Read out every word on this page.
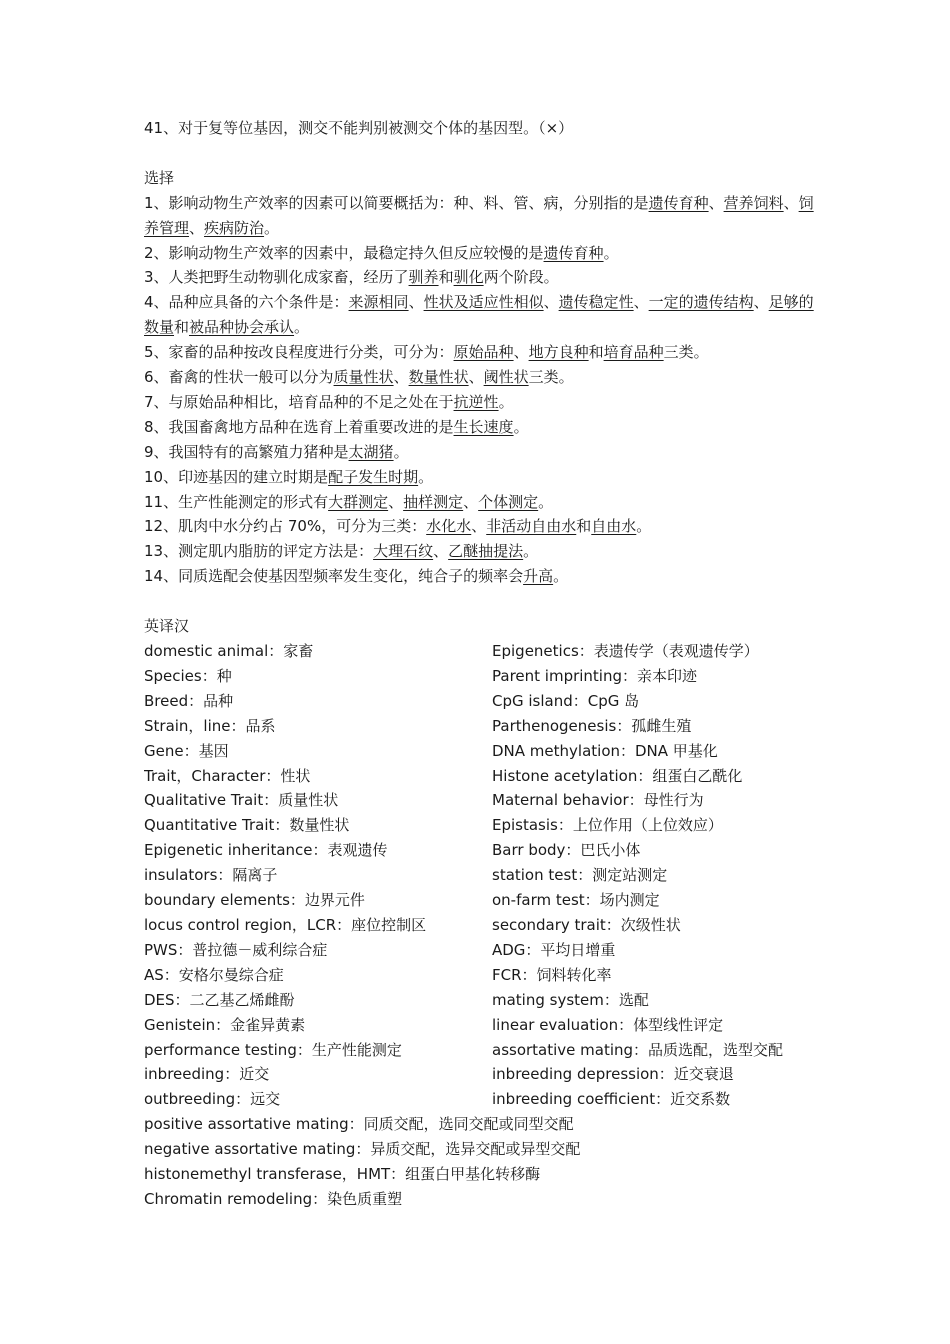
41、对于复等位基因，测交不能判别被测交个体的基因型。（×）
选择
1、影响动物生产效率的因素可以简要概括为：种、料、管、病，分别指的是遗传育种、营养饲料、饲养管理、疾病防治。
2、影响动物生产效率的因素中，最稳定持久但反应较慢的是遗传育种。
3、人类把野生动物驯化成家畜，经历了驯养和驯化两个阶段。
4、品种应具备的六个条件是：来源相同、性状及适应性相似、遗传稳定性、一定的遗传结构、足够的数量和被品种协会承认。
5、家畜的品种按改良程度进行分类，可分为：原始品种、地方良种和培育品种三类。
6、畜禽的性状一般可以分为质量性状、数量性状、阈性状三类。
7、与原始品种相比，培育品种的不足之处在于抗逆性。
8、我国畜禽地方品种在选育上着重要改进的是生长速度。
9、我国特有的高繁殖力猪种是太湖猪。
10、印迹基因的建立时期是配子发生时期。
11、生产性能测定的形式有大群测定、抽样测定、个体测定。
12、肌肉中水分约占 70%，可分为三类：水化水、非活动自由水和自由水。
13、测定肌内脂肪的评定方法是：大理石纹、乙醚抽提法。
14、同质选配会使基因型频率发生变化，纯合子的频率会升高。
英译汉
domestic animal：家畜	Epigenetics：表遗传学（表观遗传学）
Species：种	Parent imprinting：亲本印迹
Breed：品种	CpG island：CpG 岛
Strain，line：品系	Parthenogenesis：孤雌生殖
Gene：基因	DNA methylation：DNA 甲基化
Trait，Character：性状	Histone acetylation：组蛋白乙酰化
Qualitative Trait：质量性状	Maternal behavior：母性行为
Quantitative Trait：数量性状	Epistasis：上位作用（上位效应）
Epigenetic inheritance：表观遗传	Barr body：巴氏小体
insulators：隔离子	station test：测定站测定
boundary elements：边界元件	on-farm test：场内测定
locus control region，LCR：座位控制区	secondary trait：次级性状
PWS：普拉德－威利综合症	ADG：平均日增重
AS：安格尔曼综合症	FCR：饲料转化率
DES：二乙基乙烯雌酚	mating system：选配
Genistein：金雀异黄素	linear evaluation：体型线性评定
performance testing：生产性能测定	assortative mating：品质选配，选型交配
inbreeding：近交	inbreeding depression：近交衰退
outbreeding：远交	inbreeding coefficient：近交系数
positive assortative mating：同质交配，选同交配或同型交配
negative assortative mating：异质交配，选异交配或异型交配
histonemethyl transferase，HMT：组蛋白甲基化转移酶
Chromatin remodeling：染色质重塑
